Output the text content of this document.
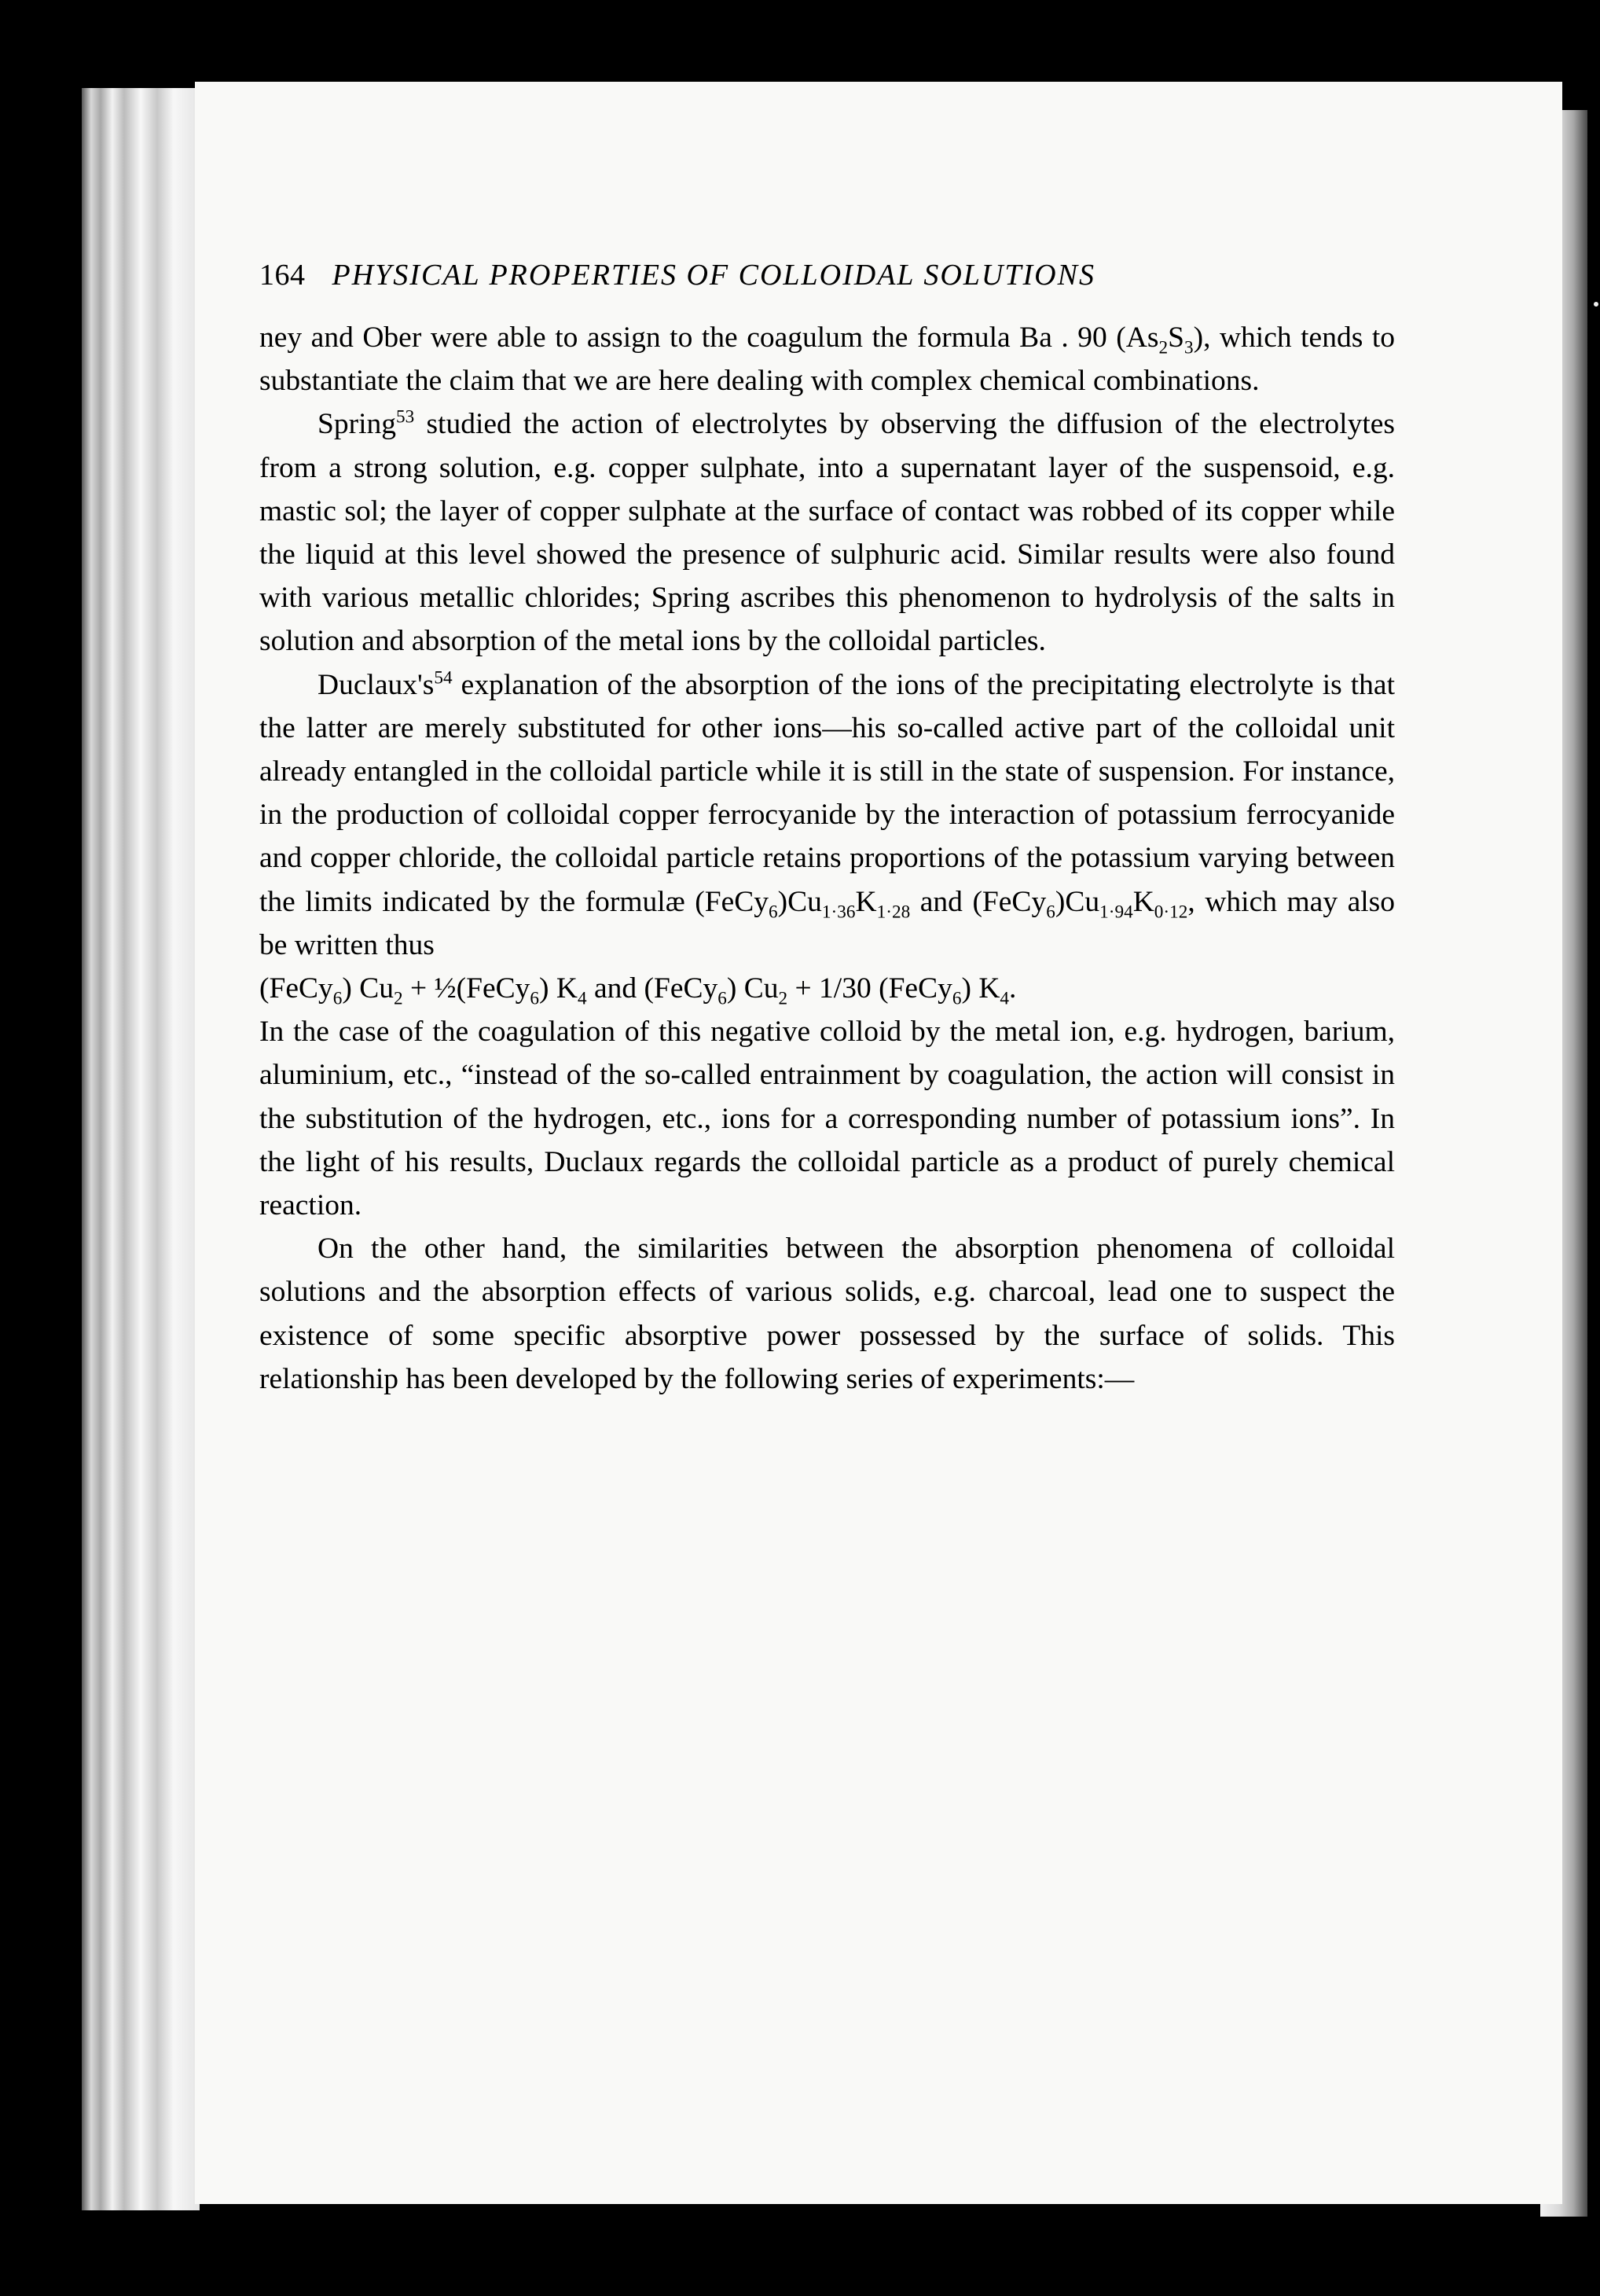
164 PHYSICAL PROPERTIES OF COLLOIDAL SOLUTIONS

ney and Ober were able to assign to the coagulum the formula Ba . 90 $(As_2S_3)$, which tends to substantiate the claim that we are here dealing with complex chemical combinations.

Spring$^{53}$ studied the action of electrolytes by observing the diffusion of the electrolytes from a strong solution, e.g. copper sulphate, into a supernatant layer of the suspensoid, e.g. mastic sol; the layer of copper sulphate at the surface of contact was robbed of its copper while the liquid at this level showed the presence of sulphuric acid. Similar results were also found with various metallic chlorides; Spring ascribes this phenomenon to hydrolysis of the salts in solution and absorption of the metal ions by the colloidal particles.

$Duclaux's^{54}$ explanation of the absorption of the ions of the precipitating electrolyte is that the latter are merely substituted for other ions—his so-called active part of the colloidal unit already entangled in the colloidal particle while it is still in the state of suspension. For instance, in the production of colloidal copper ferrocyanide by the interaction of potassium ferrocyanide and copper chloride, the colloidal particle retains proportions of the potassium varying between the limits indicated by the formulæ $(FeCy_6)Cu_{1\cdot 36}K_{1\cdot 28}$ and $(FeCy_6)Cu_{1\cdot 94}K_{0\cdot 12}$, which may also be written thus

(FeCy$_6$) $Cu_2$ + ½(FeCy$_6$) $K_4$ and (FeCy$_6$) $Cu_2 + 1/30$ (FeCy$_6$) $K_4$.

In the case of the coagulation of this negative colloid by the metal ion, e.g. hydrogen, barium, aluminium, etc., “instead of the so-called entrainment by coagulation, the action will consist in the substitution of the hydrogen, etc., ions for a corresponding number of potassium ions”. In the light of his results, Duclaux regards the colloidal particle as a product of purely chemical reaction.

On the other hand, the similarities between the absorption phenomena of colloidal solutions and the absorption effects of various solids, e.g. charcoal, lead one to suspect the existence of some specific absorptive power possessed by the surface of solids. This relationship has been developed by the following series of experiments:—
